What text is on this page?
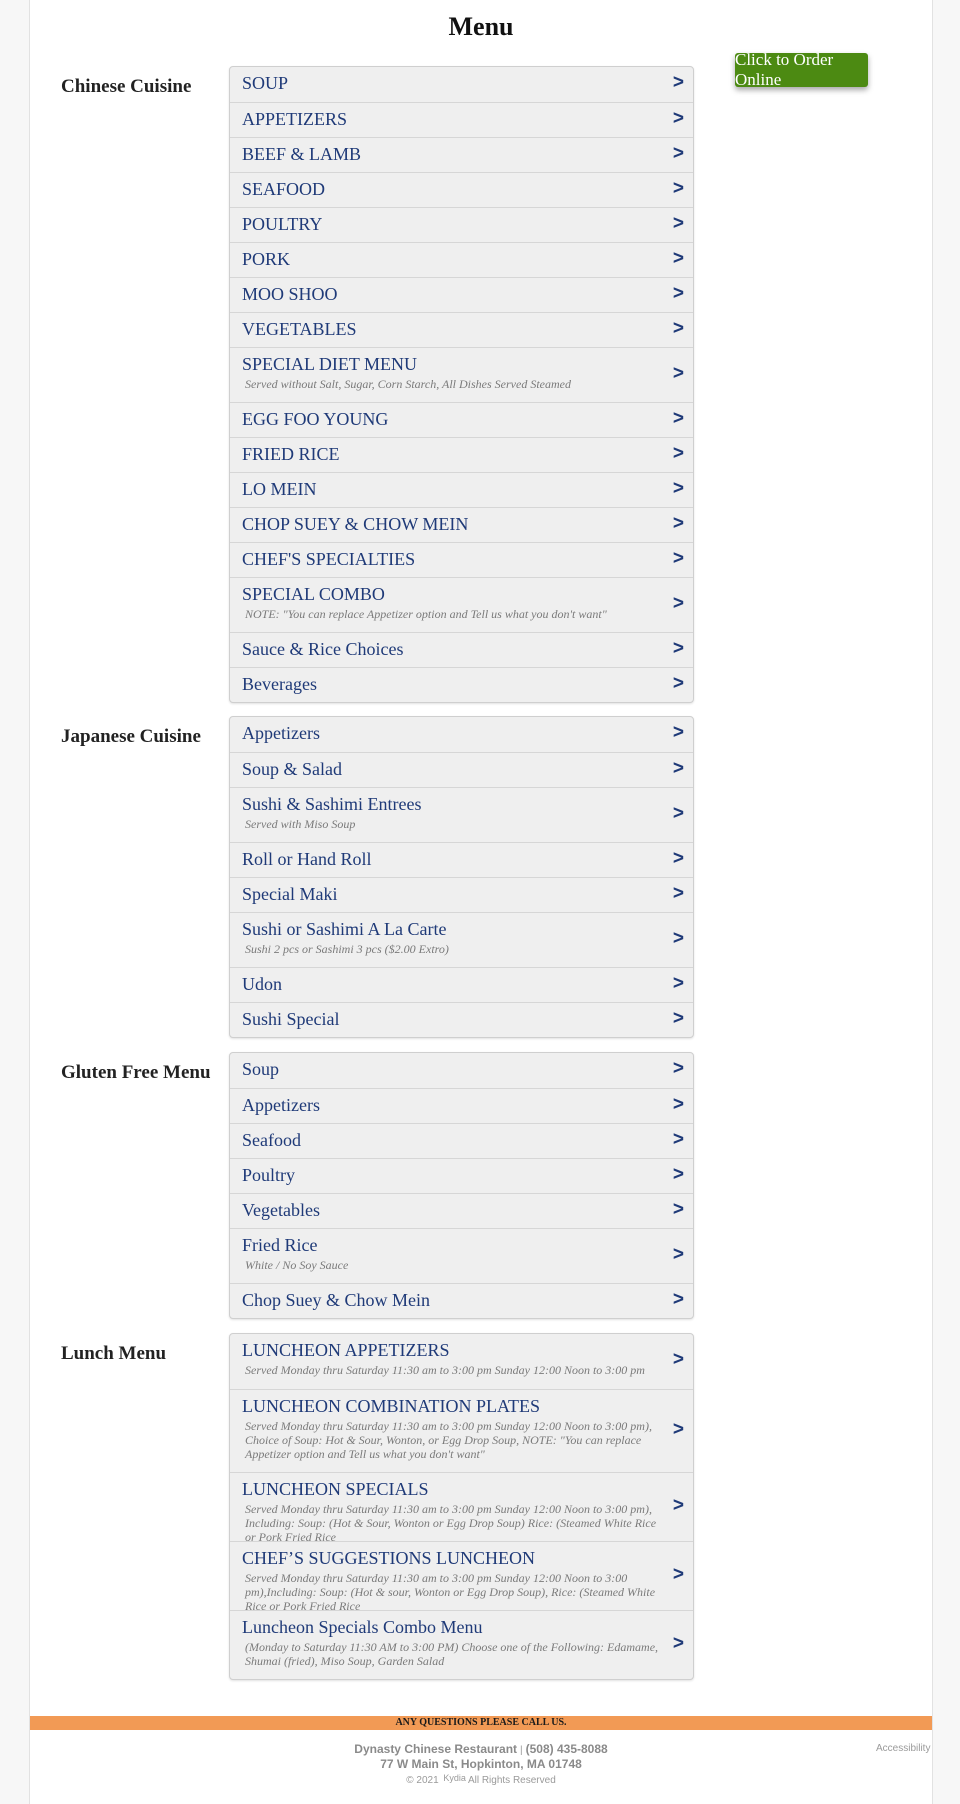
Menu
Click to Order Online
Chinese Cuisine	SOUP	>
APPETIZERS	>
BEEF & LAMB	>
SEAFOOD	>
POULTRY	>
PORK	>
MOO SHOO	>
VEGETABLES	>
SPECIAL DIET MENU
Served without Salt, Sugar, Corn Starch, All Dishes Served Steamed
>
EGG FOO YOUNG	>
FRIED RICE	>
LO MEIN	>
CHOP SUEY & CHOW MEIN	>
CHEF'S SPECIALTIES	>
SPECIAL COMBO
NOTE: "You can replace Appetizer option and Tell us what you don't want"
>
Sauce & Rice Choices	>
Beverages	>
Japanese Cuisine Appetizers	>
Soup & Salad	>
Sushi & Sashimi Entrees
Served with Miso Soup
>
Roll or Hand Roll	>
Special Maki	>
Sushi or Sashimi A La Carte
Sushi 2 pcs or Sashimi 3 pcs ($2.00 Extro)
>
Udon	>
Sushi Special	>
Gluten Free Menu Soup	>
Appetizers	>
Seafood	>
Poultry	>
Vegetables	>
Fried Rice
White / No Soy Sauce
>
Chop Suey & Chow Mein	>
Lunch Menu	LUNCHEON APPETIZERS
Served Monday thru Saturday 11:30 am to 3:00 pm Sunday 12:00 Noon to 3:00 pm
>
LUNCHEON COMBINATION PLATES
Served Monday thru Saturday 11:30 am to 3:00 pm Sunday 12:00 Noon to 3:00 pm), Choice of Soup: Hot & Sour, Wonton, or Egg Drop Soup, NOTE: "You can replace Appetizer option and Tell us what you don't want"
>
LUNCHEON SPECIALS
Served Monday thru Saturday 11:30 am to 3:00 pm Sunday 12:00 Noon to 3:00 pm), Including: Soup: (Hot & Sour, Wonton or Egg Drop Soup) Rice: (Steamed White Rice or Pork Fried Rice
>
CHEF’S SUGGESTIONS LUNCHEON
Served Monday thru Saturday 11:30 am to 3:00 pm Sunday 12:00 Noon to 3:00 pm),Including: Soup: (Hot & sour, Wonton or Egg Drop Soup), Rice: (Steamed White Rice or Pork Fried Rice
>
Luncheon Specials Combo Menu
(Monday to Saturday 11:30 AM to 3:00 PM) Choose one of the Following: Edamame, Shumai (fried), Miso Soup, Garden Salad
>
ANY QUESTIONS PLEASE CALL US.
Dynasty Chinese Restaurant | (508) 435-8088
77 W Main St, Hopkinton, MA 01748
© 2021 Kydia All Rights Reserved
Accessibility
